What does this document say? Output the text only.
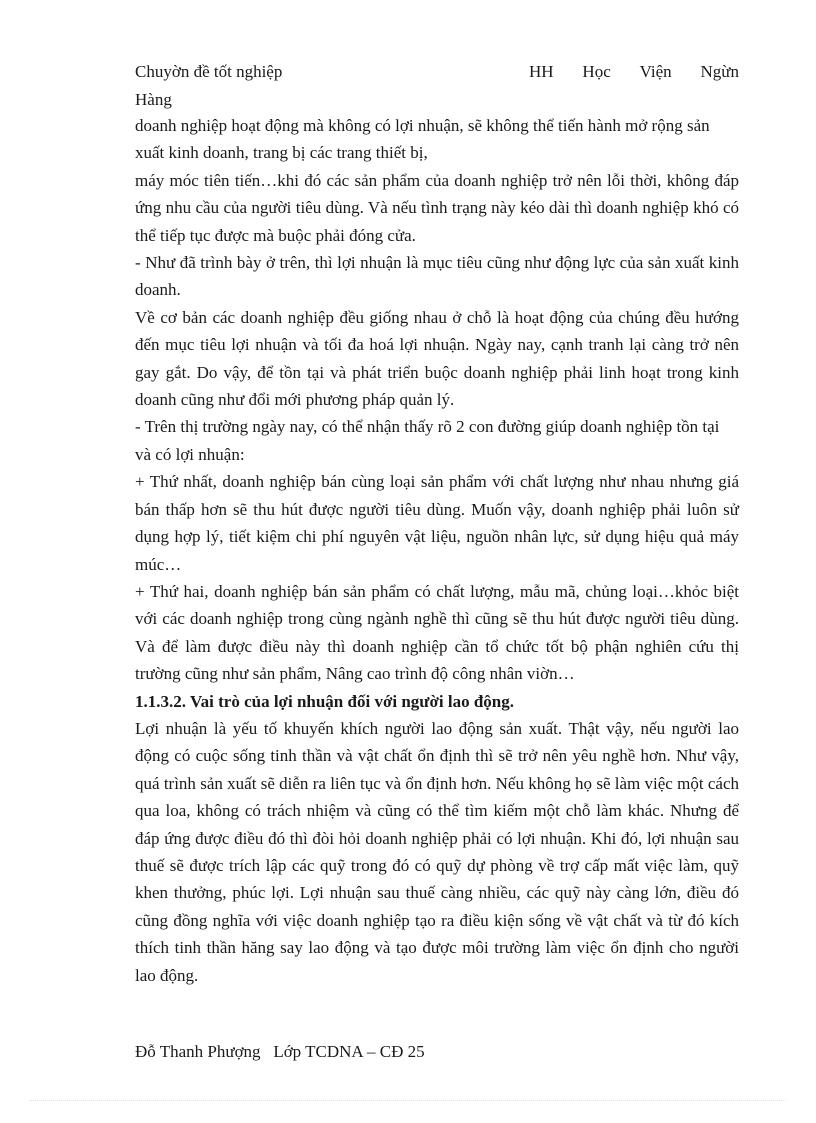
Chuyờn đề tốt nghiệp	HH Học Viện Ngừn
Hàng

doanh nghiệp hoạt động mà không có lợi nhuận, sẽ không thể tiến hành mở rộng sản xuất kinh doanh, trang bị các trang thiết bị,

máy móc tiên tiến…khi đó các sản phẩm của doanh nghiệp trở nên lỗi thời, không đáp ứng nhu cầu của người tiêu dùng. Và nếu tình trạng này kéo dài thì doanh nghiệp khó có thể tiếp tục được mà buộc phải đóng cửa.

- Như đã trình bày ở trên, thì lợi nhuận là mục tiêu cũng như động lực của sản xuất kinh doanh.

Về cơ bản các doanh nghiệp đều giống nhau ở chỗ là hoạt động của chúng đều hướng đến mục tiêu lợi nhuận và tối đa hoá lợi nhuận. Ngày nay, cạnh tranh lại càng trở nên gay gắt. Do vậy, để tồn tại và phát triển buộc doanh nghiệp phải linh hoạt trong kinh doanh cũng như đổi mới phương pháp quản lý.

- Trên thị trường ngày nay, có thể nhận thấy rõ 2 con đường giúp doanh nghiệp tồn tại và có lợi nhuận:

+ Thứ nhất, doanh nghiệp bán cùng loại sản phẩm với chất lượng như nhau nhưng giá bán thấp hơn sẽ thu hút được người tiêu dùng. Muốn vậy, doanh nghiệp phải luôn sử dụng hợp lý, tiết kiệm chi phí nguyên vật liệu, nguồn nhân lực, sử dụng hiệu quả máy múc…

+ Thứ hai, doanh nghiệp bán sản phẩm có chất lượng, mẫu mã, chủng loại…khỏc biệt với các doanh nghiệp trong cùng ngành nghề thì cũng sẽ thu hút được người tiêu dùng. Và để làm được điều này thì doanh nghiệp cần tổ chức tốt bộ phận nghiên cứu thị trường cũng như sản phẩm, Nâng cao trình độ công nhân viờn…

1.1.3.2. Vai trò của lợi nhuận đối với người lao động.

Lợi nhuận là yếu tố khuyến khích người lao động sản xuất. Thật vậy, nếu người lao động có cuộc sống tinh thần và vật chất ổn định thì sẽ trở nên yêu nghề hơn. Như vậy, quá trình sản xuất sẽ diễn ra liên tục và ổn định hơn. Nếu không họ sẽ làm việc một cách qua loa, không có trách nhiệm và cũng có thể tìm kiếm một chỗ làm khác. Nhưng để đáp ứng được điều đó thì đòi hỏi doanh nghiệp phải có lợi nhuận. Khi đó, lợi nhuận sau thuế sẽ được trích lập các quỹ trong đó có quỹ dự phòng về trợ cấp mất việc làm, quỹ khen thưởng, phúc lợi. Lợi nhuận sau thuế càng nhiều, các quỹ này càng lớn, điều đó cũng đồng nghĩa với việc doanh nghiệp tạo ra điều kiện sống về vật chất và từ đó kích thích tinh thần hăng say lao động và tạo được môi trường làm việc ổn định cho người lao động.

Đỗ Thanh Phượng Lớp TCDNA – CĐ 25
